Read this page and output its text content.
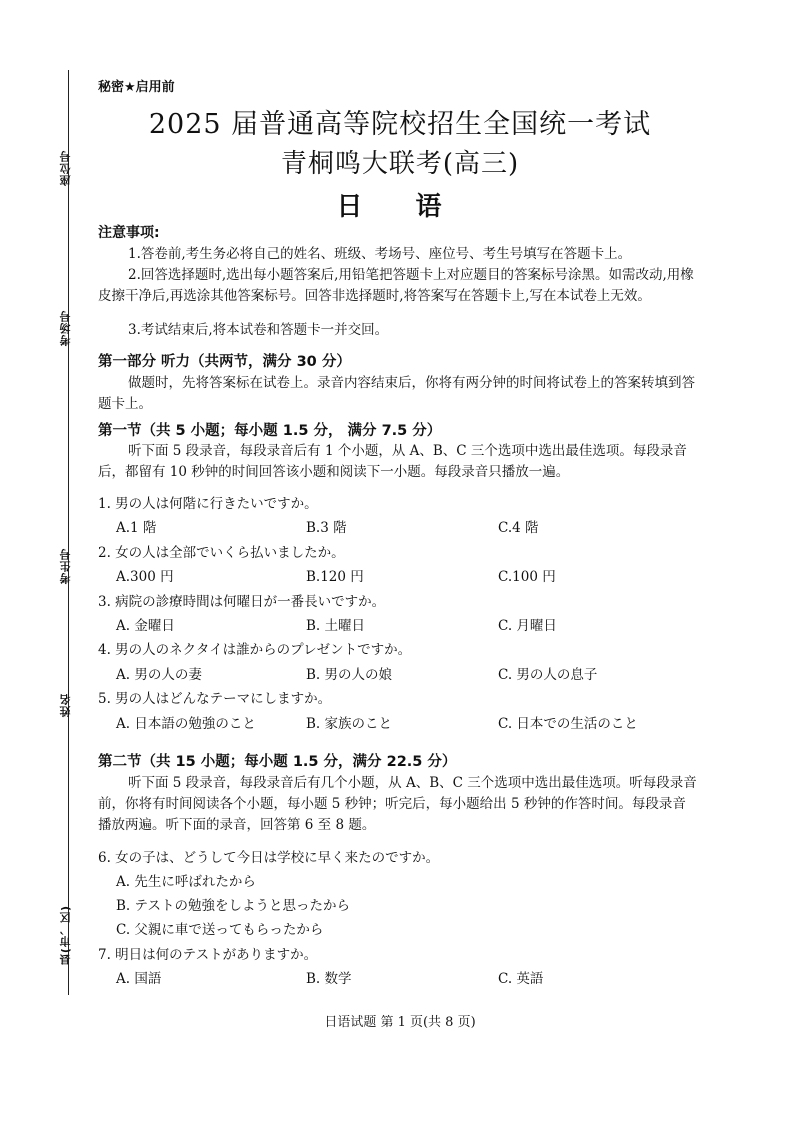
座位号
考场号
考生号
姓名
县(市、区)
秘密★启用前
2025 届普通高等院校招生全国统一考试
青桐鸣大联考(高三)
日 语
注意事项:
1.答卷前,考生务必将自己的姓名、班级、考场号、座位号、考生号填写在答题卡上。
2.回答选择题时,选出每小题答案后,用铅笔把答题卡上对应题目的答案标号涂黑。如需改动,用橡皮擦干净后,再选涂其他答案标号。回答非选择题时,将答案写在答题卡上,写在本试卷上无效。
3.考试结束后,将本试卷和答题卡一并交回。
第一部分 听力（共两节，满分 30 分）
做题时，先将答案标在试卷上。录音内容结束后，你将有两分钟的时间将试卷上的答案转填到答题卡上。
第一节（共 5 小题；每小题 1.5 分， 满分 7.5 分）
听下面 5 段录音，每段录音后有 1 个小题，从 A、B、C 三个选项中选出最佳选项。每段录音后，都留有 10 秒钟的时间回答该小题和阅读下一小题。每段录音只播放一遍。
1. 男の人は何階に行きたいですか。
A.1 階	B.3 階	C.4 階
2. 女の人は全部でいくら払いましたか。
A.300 円	B.120 円	C.100 円
3. 病院の診療時間は何曜日が一番長いですか。
A. 金曜日	B. 土曜日	C. 月曜日
4. 男の人のネクタイは誰からのプレゼントですか。
A. 男の人の妻	B. 男の人の娘	C. 男の人の息子
5. 男の人はどんなテーマにしますか。
A. 日本語の勉強のこと	B. 家族のこと	C. 日本での生活のこと
第二节（共 15 小题；每小题 1.5 分，满分 22.5 分）
听下面 5 段录音，每段录音后有几个小题，从 A、B、C 三个选项中选出最佳选项。听每段录音前，你将有时间阅读各个小题，每小题 5 秒钟；听完后，每小题给出 5 秒钟的作答时间。每段录音播放两遍。听下面的录音，回答第 6 至 8 题。
6. 女の子は、どうして今日は学校に早く来たのですか。
A. 先生に呼ばれたから
B. テストの勉強をしようと思ったから
C. 父親に車で送ってもらったから
7. 明日は何のテストがありますか。
A. 国語	B. 数学	C. 英語
日语试题 第 1 页(共 8 页)
